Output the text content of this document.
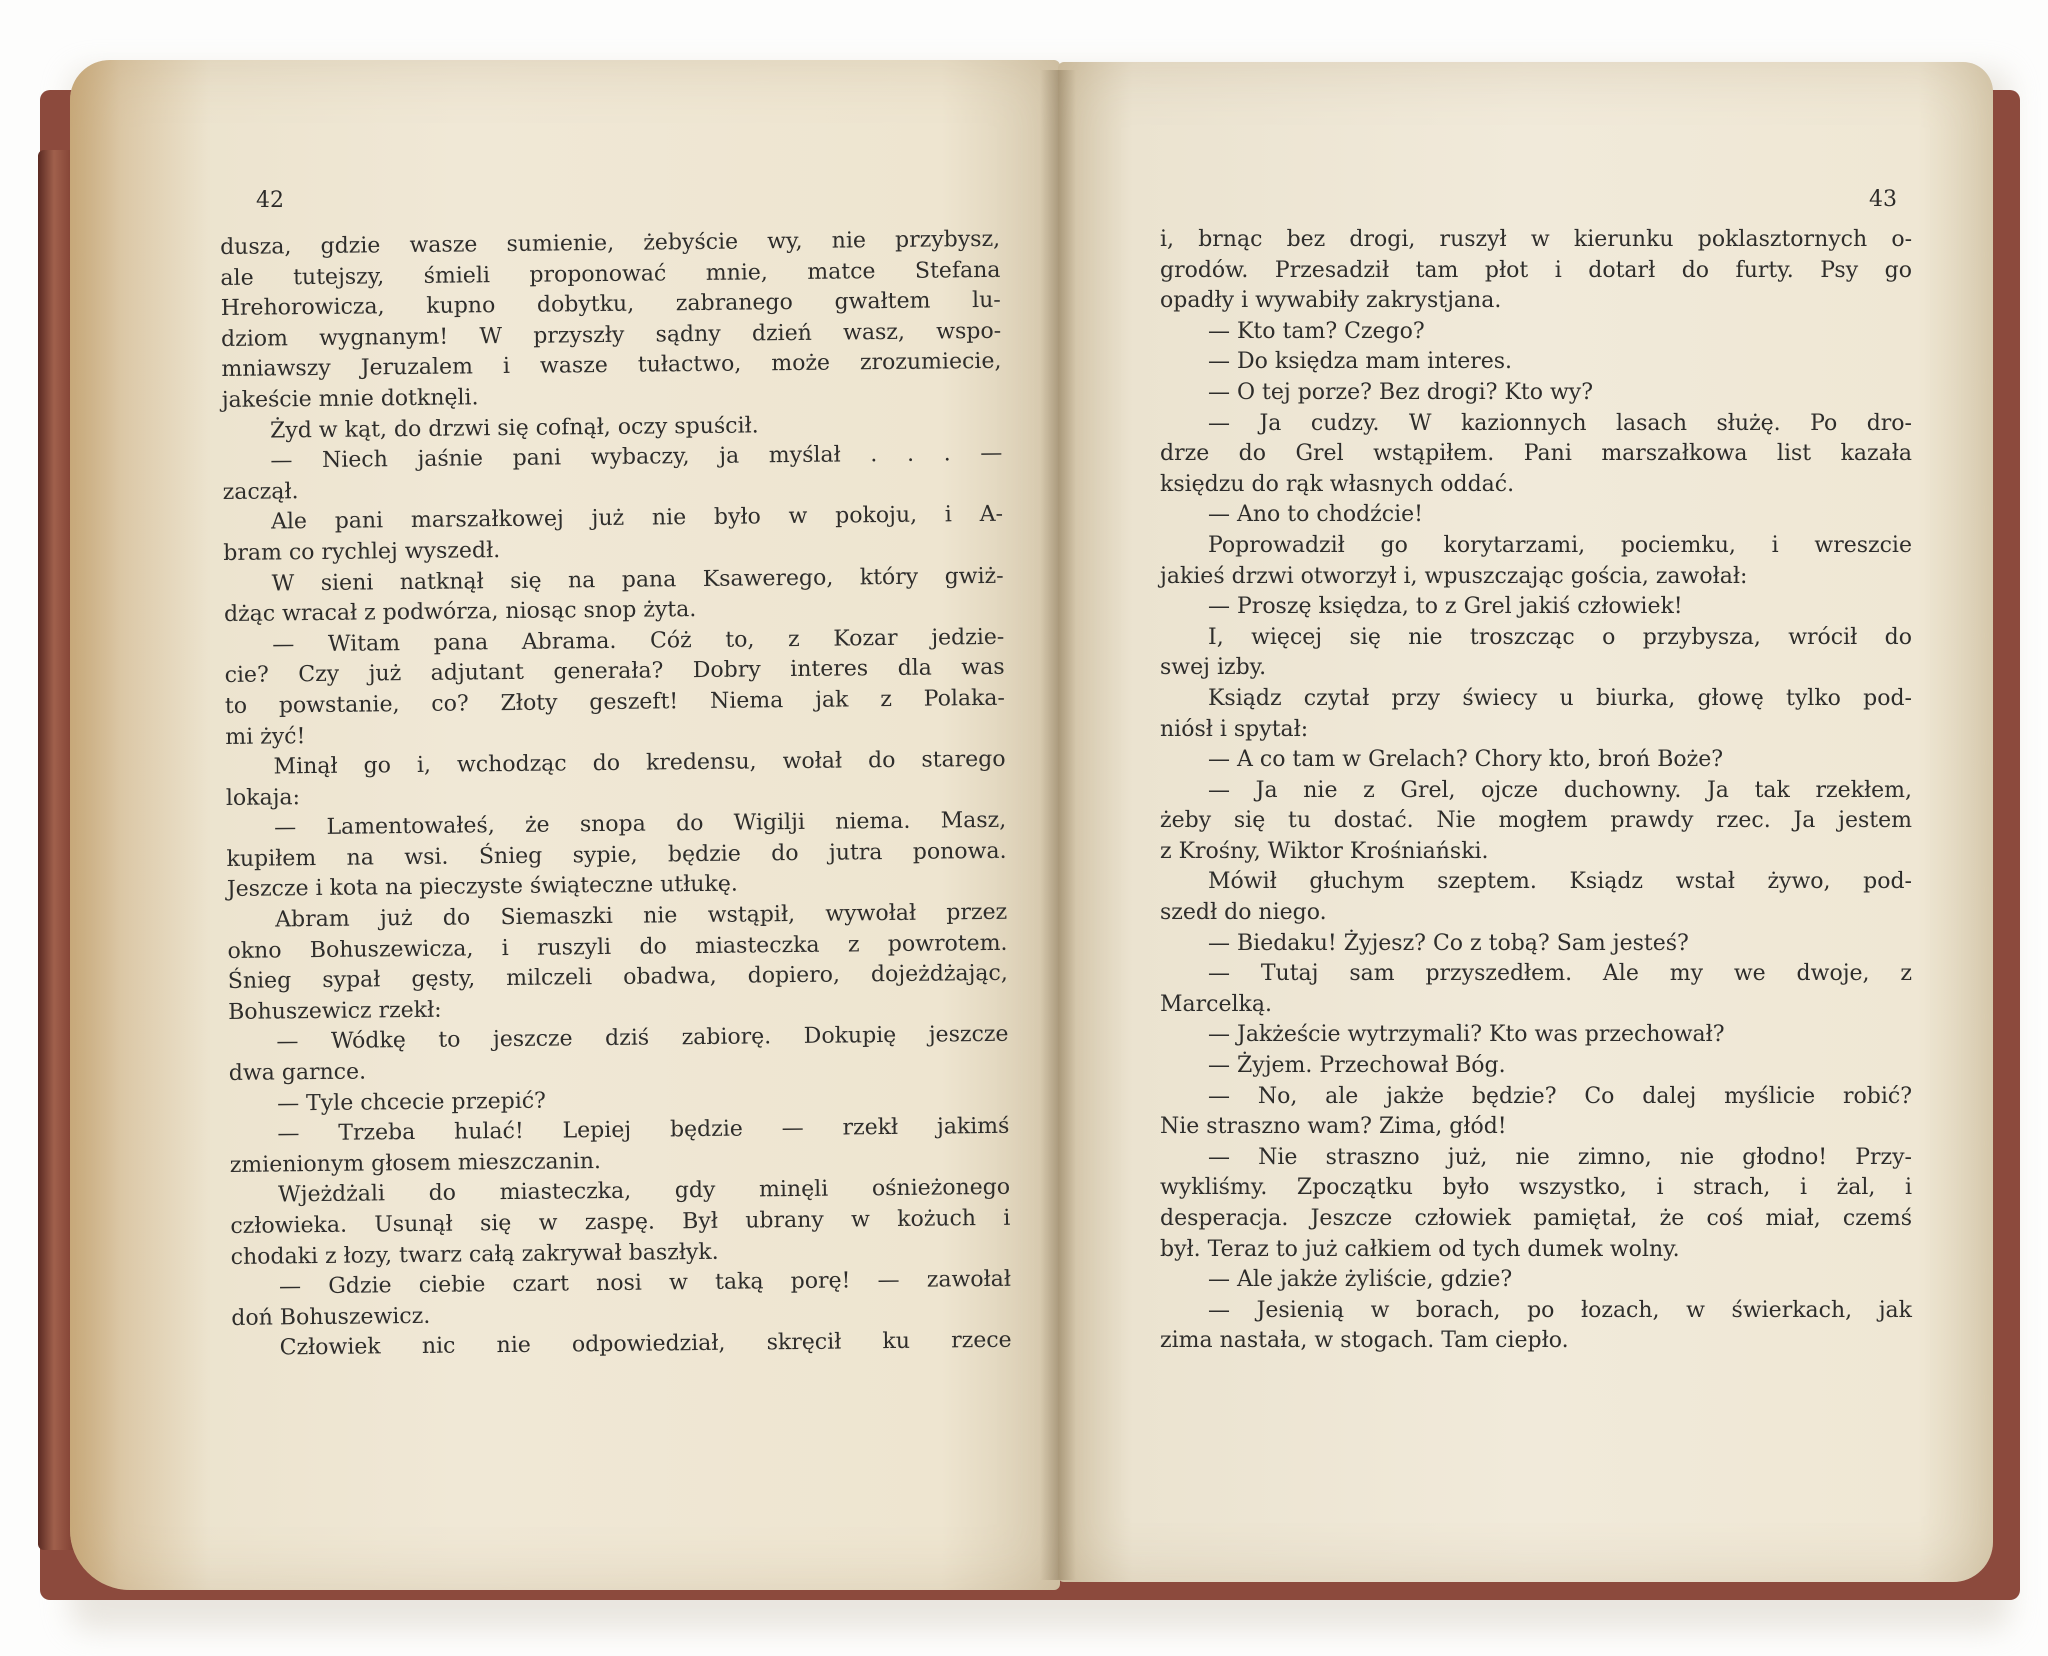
42

dusza, gdzie wasze sumienie, żebyście wy, nie przybysz,

ale tutejszy, śmieli proponować mnie, matce Stefana

Hrehorowicza, kupno dobytku, zabranego gwałtem lu-

dziom wygnanym! W przyszły sądny dzień wasz, wspo-

mniawszy Jeruzalem i wasze tułactwo, może zrozumiecie,

jakeście mnie dotknęli.

Żyd w kąt, do drzwi się cofnął, oczy spuścił.

— Niech jaśnie pani wybaczy, ja myślał . . . —

zaczął.

Ale pani marszałkowej już nie było w pokoju, i A-

bram co rychlej wyszedł.

W sieni natknął się na pana Ksawerego, który gwiż-

dżąc wracał z podwórza, niosąc snop żyta.

— Witam pana Abrama. Cóż to, z Kozar jedzie-

cie? Czy już adjutant generała? Dobry interes dla was

to powstanie, co? Złoty geszeft! Niema jak z Polaka-

mi żyć!

Minął go i, wchodząc do kredensu, wołał do starego

lokaja:

— Lamentowałeś, że snopa do Wigilji niema. Masz,

kupiłem na wsi. Śnieg sypie, będzie do jutra ponowa.

Jeszcze i kota na pieczyste świąteczne utłukę.

Abram już do Siemaszki nie wstąpił, wywołał przez

okno Bohuszewicza, i ruszyli do miasteczka z powrotem.

Śnieg sypał gęsty, milczeli obadwa, dopiero, dojeżdżając,

Bohuszewicz rzekł:

— Wódkę to jeszcze dziś zabiorę. Dokupię jeszcze

dwa garnce.

— Tyle chcecie przepić?

— Trzeba hulać! Lepiej będzie — rzekł jakimś

zmienionym głosem mieszczanin.

Wjeżdżali do miasteczka, gdy minęli ośnieżonego

człowieka. Usunął się w zaspę. Był ubrany w kożuch i

chodaki z łozy, twarz całą zakrywał baszłyk.

— Gdzie ciebie czart nosi w taką porę! — zawołał

doń Bohuszewicz.

Człowiek nic nie odpowiedział, skręcił ku rzece

43

i, brnąc bez drogi, ruszył w kierunku poklasztornych o-

grodów. Przesadził tam płot i dotarł do furty. Psy go

opadły i wywabiły zakrystjana.

— Kto tam? Czego?

— Do księdza mam interes.

— O tej porze? Bez drogi? Kto wy?

— Ja cudzy. W kazionnych lasach służę. Po dro-

drze do Grel wstąpiłem. Pani marszałkowa list kazała

księdzu do rąk własnych oddać.

— Ano to chodźcie!

Poprowadził go korytarzami, pociemku, i wreszcie

jakieś drzwi otworzył i, wpuszczając gościa, zawołał:

— Proszę księdza, to z Grel jakiś człowiek!

I, więcej się nie troszcząc o przybysza, wrócił do

swej izby.

Ksiądz czytał przy świecy u biurka, głowę tylko pod-

niósł i spytał:

— A co tam w Grelach? Chory kto, broń Boże?

— Ja nie z Grel, ojcze duchowny. Ja tak rzekłem,

żeby się tu dostać. Nie mogłem prawdy rzec. Ja jestem

z Krośny, Wiktor Krośniański.

Mówił głuchym szeptem. Ksiądz wstał żywo, pod-

szedł do niego.

— Biedaku! Żyjesz? Co z tobą? Sam jesteś?

— Tutaj sam przyszedłem. Ale my we dwoje, z

Marcelką.

— Jakżeście wytrzymali? Kto was przechował?

— Żyjem. Przechował Bóg.

— No, ale jakże będzie? Co dalej myślicie robić?

Nie straszno wam? Zima, głód!

— Nie straszno już, nie zimno, nie głodno! Przy-

wykliśmy. Zpoczątku było wszystko, i strach, i żal, i

desperacja. Jeszcze człowiek pamiętał, że coś miał, czemś

był. Teraz to już całkiem od tych dumek wolny.

— Ale jakże żyliście, gdzie?

— Jesienią w borach, po łozach, w świerkach, jak

zima nastała, w stogach. Tam ciepło.
